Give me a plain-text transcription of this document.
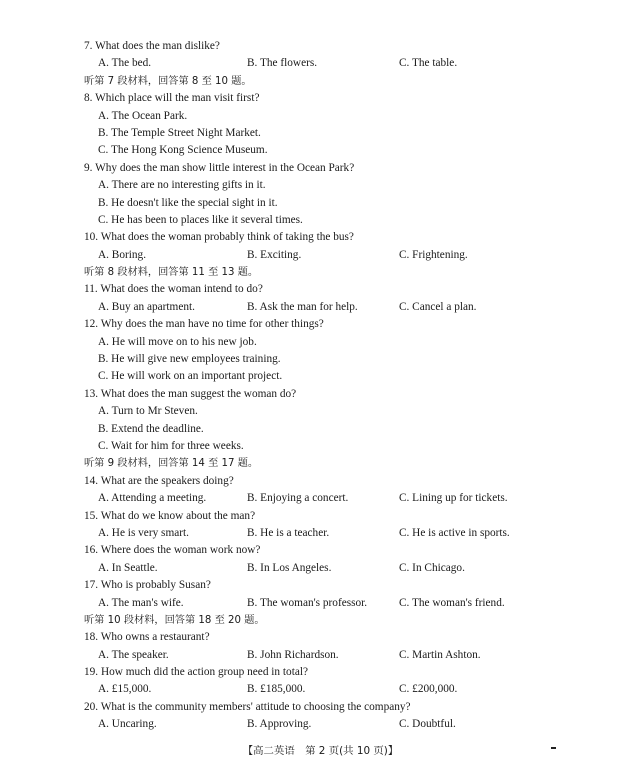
7. What does the man dislike?
A. The bed.	B. The flowers.	C. The table.
听第 7 段材料，回答第 8 至 10 题。
8. Which place will the man visit first?
A. The Ocean Park.
B. The Temple Street Night Market.
C. The Hong Kong Science Museum.
9. Why does the man show little interest in the Ocean Park?
A. There are no interesting gifts in it.
B. He doesn't like the special sight in it.
C. He has been to places like it several times.
10. What does the woman probably think of taking the bus?
A. Boring.	B. Exciting.	C. Frightening.
听第 8 段材料，回答第 11 至 13 题。
11. What does the woman intend to do?
A. Buy an apartment.	B. Ask the man for help.	C. Cancel a plan.
12. Why does the man have no time for other things?
A. He will move on to his new job.
B. He will give new employees training.
C. He will work on an important project.
13. What does the man suggest the woman do?
A. Turn to Mr Steven.
B. Extend the deadline.
C. Wait for him for three weeks.
听第 9 段材料，回答第 14 至 17 题。
14. What are the speakers doing?
A. Attending a meeting.	B. Enjoying a concert.	C. Lining up for tickets.
15. What do we know about the man?
A. He is very smart.	B. He is a teacher.	C. He is active in sports.
16. Where does the woman work now?
A. In Seattle.	B. In Los Angeles.	C. In Chicago.
17. Who is probably Susan?
A. The man's wife.	B. The woman's professor.	C. The woman's friend.
听第 10 段材料，回答第 18 至 20 题。
18. Who owns a restaurant?
A. The speaker.	B. John Richardson.	C. Martin Ashton.
19. How much did the action group need in total?
A. £15,000.	B. £185,000.	C. £200,000.
20. What is the community members' attitude to choosing the company?
A. Uncaring.	B. Approving.	C. Doubtful.
【高二英语　第 2 页(共 10 页)】
